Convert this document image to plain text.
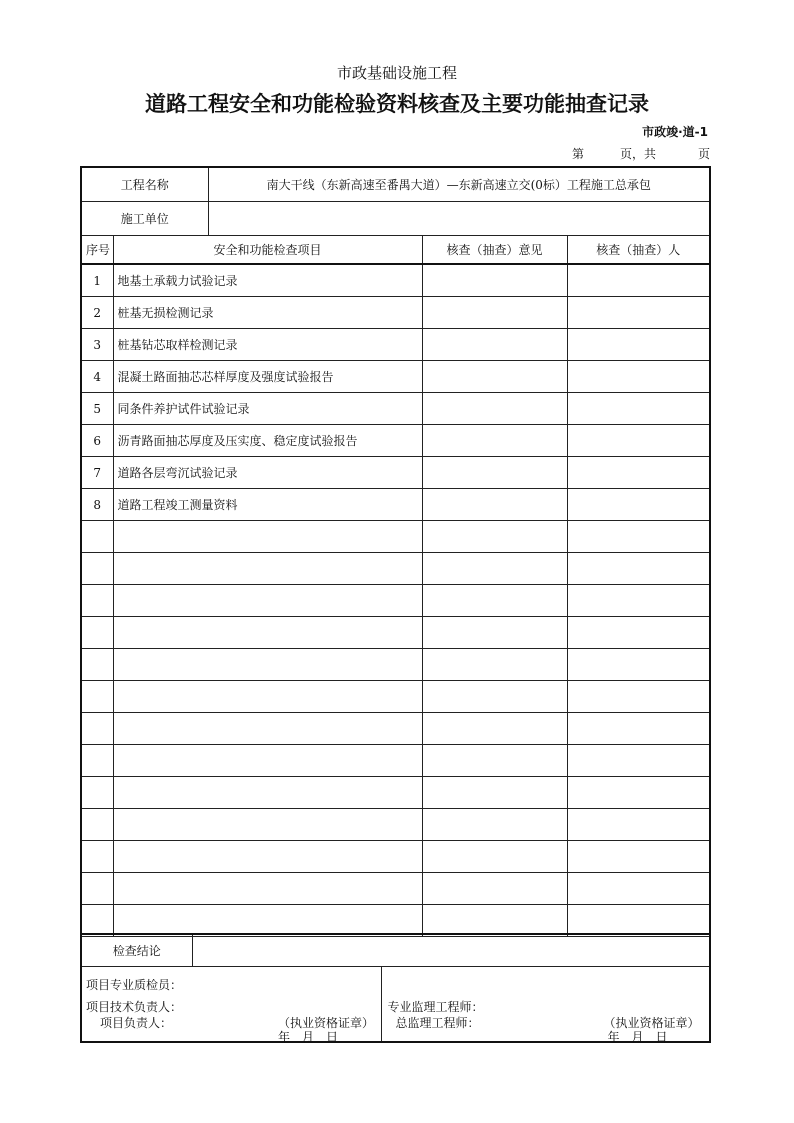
市政基础设施工程
道路工程安全和功能检验资料核查及主要功能抽查记录
市政竣·道-1
第	页，共	页
工程名称		南大干线（东新高速至番禺大道）—东新高速立交(0标）工程施工总承包		
施工单位				
序号	安全和功能检查项目		核查（抽查）意见	核查（抽查）人
1	地基土承载力试验记录			
2	桩基无损检测记录			
3	桩基钻芯取样检测记录			
4	混凝土路面抽芯芯样厚度及强度试验报告			
5	同条件养护试件试验记录			
6	沥青路面抽芯厚度及压实度、稳定度试验报告			
7	道路各层弯沉试验记录			
8	道路工程竣工测量资料			

检查结论	
项目专业质检员：
项目技术负责人：
项目负责人：	（执业资格证章）
年　月　日

专业监理工程师：
总监理工程师：	（执业资格证章）
年　月　日
